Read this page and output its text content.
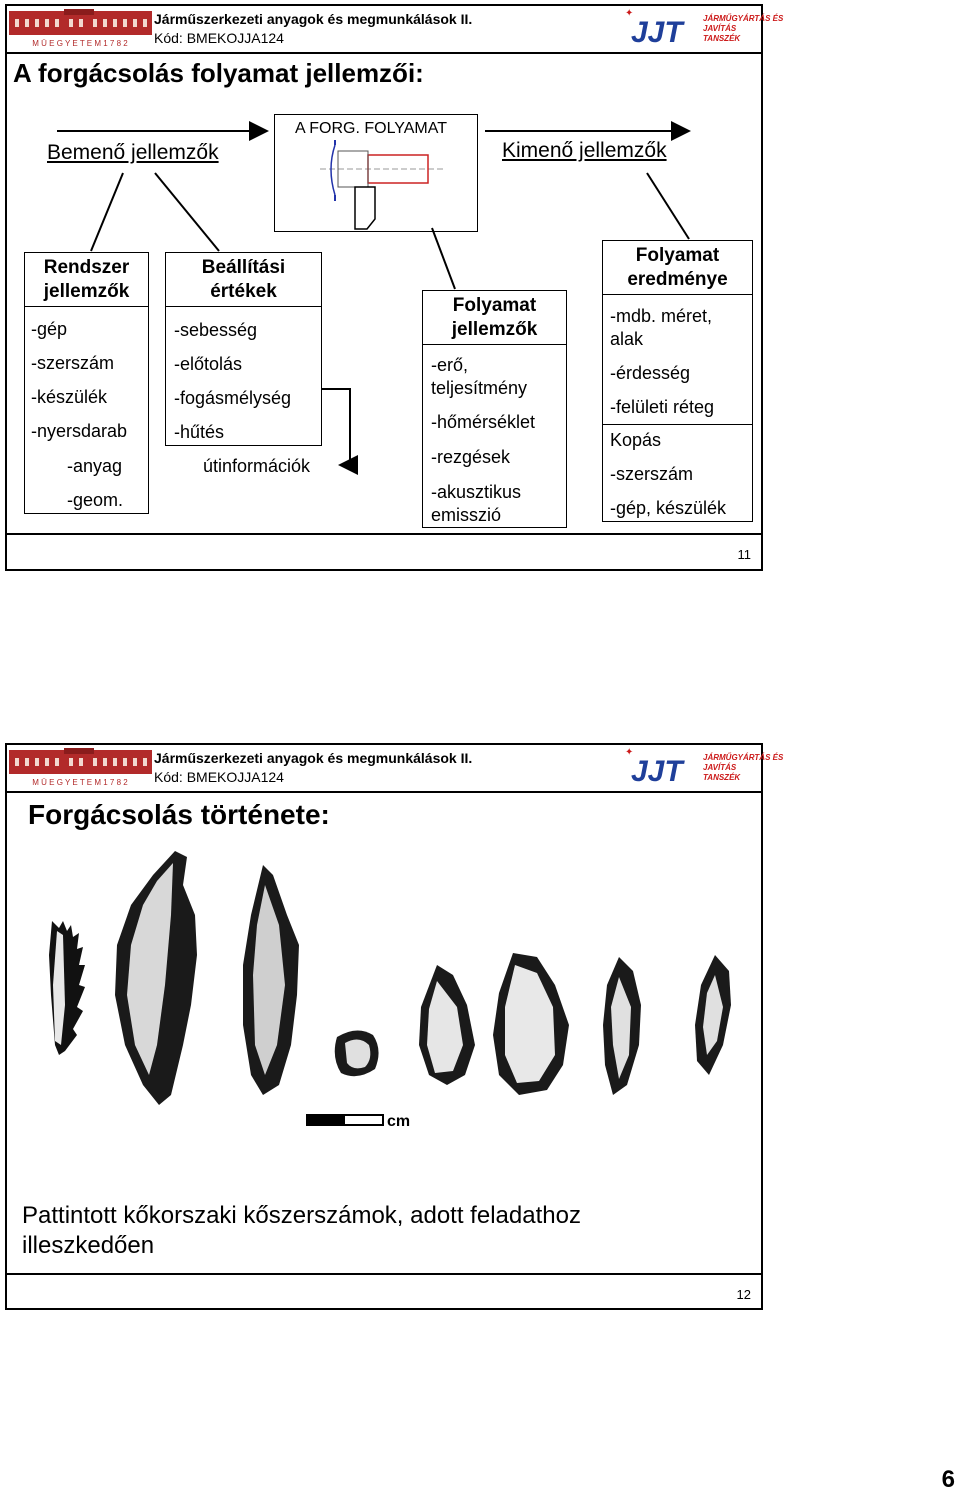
M Ü E G Y E T E M 1 7 8 2
Járműszerkezeti anyagok és megmunkálások II.
Kód: BMEKOJJA124
✦
JJT	JÁRMŰGYÁRTÁS ÉS
JAVÍTÁS
TANSZÉK
A forgácsolás folyamat jellemzői:
Bemenő jellemzők	Kimenő jellemzők
A FORG. FOLYAMAT
Rendszer jellemzők
-gép
-szerszám
-készülék
-nyersdarab
-anyag
-geom.
Beállítási értékek
-sebesség
-előtolás
-fogásmélység
-hűtés
útinformációk
Folyamat jellemzők
-erő, teljesítmény
-hőmérséklet
-rezgések
-akusztikus emisszió
Folyamat eredménye
-mdb. méret, alak
-érdesség
-felületi réteg
Kopás
-szerszám
-gép, készülék
11
M Ü E G Y E T E M 1 7 8 2
Járműszerkezeti anyagok és megmunkálások II.
Kód: BMEKOJJA124
✦
JJT	JÁRMŰGYÁRTÁS ÉS
JAVÍTÁS
TANSZÉK
Forgácsolás története:
cm
Pattintott kőkorszaki kőszerszámok, adott feladathoz illeszkedően
12
6
